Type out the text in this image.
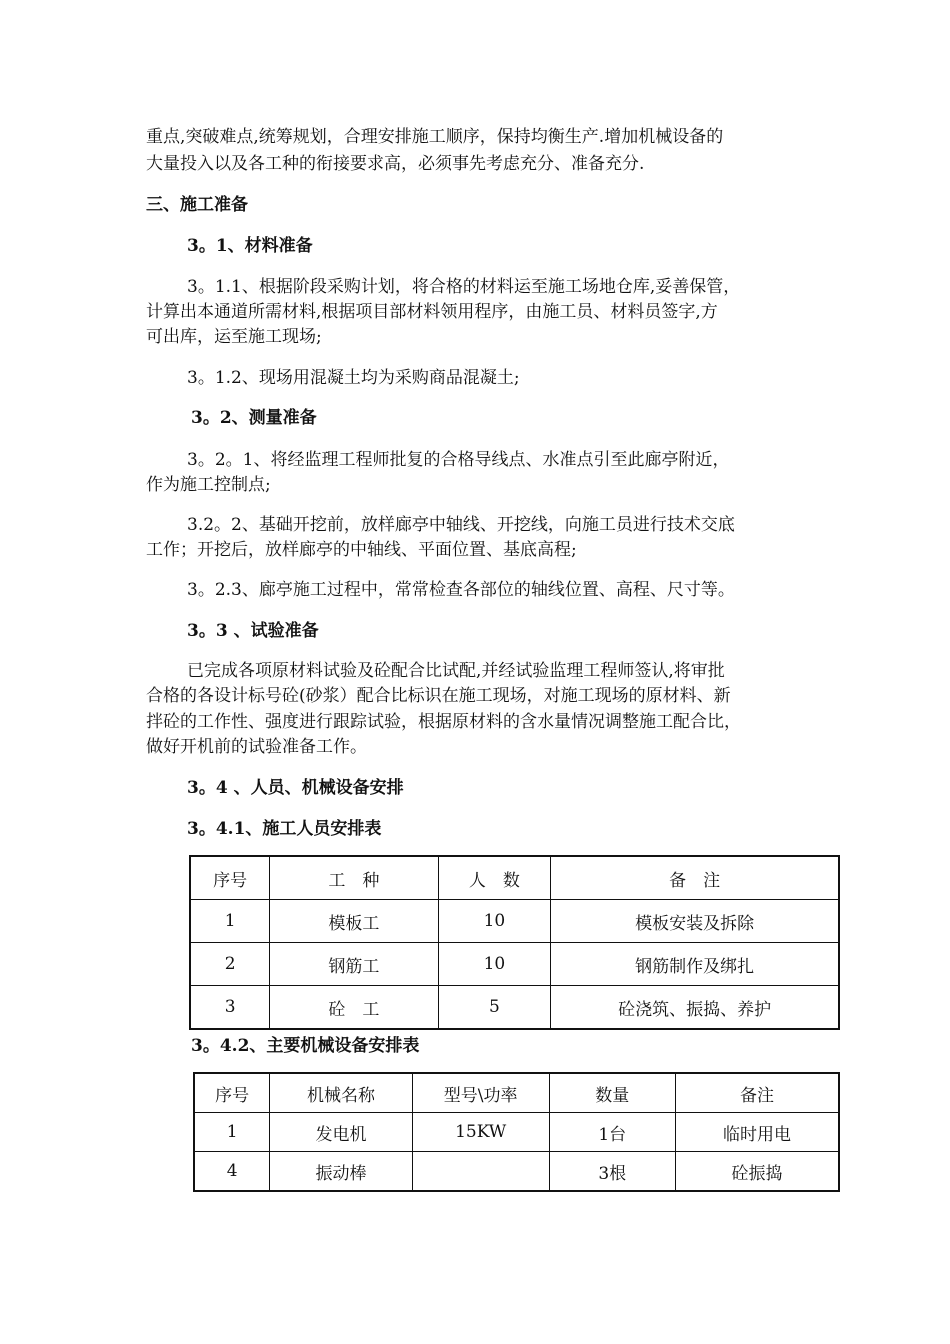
重点,突破难点,统筹规划，合理安排施工顺序，保持均衡生产.增加机械设备的
大量投入以及各工种的衔接要求高，必须事先考虑充分、准备充分.
三、施工准备
3。1、材料准备
3。1.1、根据阶段采购计划，将合格的材料运至施工场地仓库,妥善保管，
计算出本通道所需材料,根据项目部材料领用程序，由施工员、材料员签字,方
可出库，运至施工现场;
3。1.2、现场用混凝土均为采购商品混凝土;
3。2、测量准备
3。2。1、将经监理工程师批复的合格导线点、水准点引至此廊亭附近，
作为施工控制点;
3.2。2、基础开挖前，放样廊亭中轴线、开挖线，向施工员进行技术交底
工作；开挖后，放样廊亭的中轴线、平面位置、基底高程;
3。2.3、廊亭施工过程中，常常检查各部位的轴线位置、高程、尺寸等。
3。3 、试验准备
已完成各项原材料试验及砼配合比试配,并经试验监理工程师签认,将审批
合格的各设计标号砼(砂浆）配合比标识在施工现场，对施工现场的原材料、新
拌砼的工作性、强度进行跟踪试验，根据原材料的含水量情况调整施工配合比，
做好开机前的试验准备工作。
3。4 、人员、机械设备安排
3。4.1、施工人员安排表
序号	工　种	人　数	备　注
1	模板工	10	模板安装及拆除
2	钢筋工	10	钢筋制作及绑扎
3	砼　工	5	砼浇筑、振捣、养护
3。4.2、主要机械设备安排表
序号	机械名称	型号\功率	数量	备注
1	发电机	15KW	1台	临时用电
4	振动棒		3根	砼振捣
